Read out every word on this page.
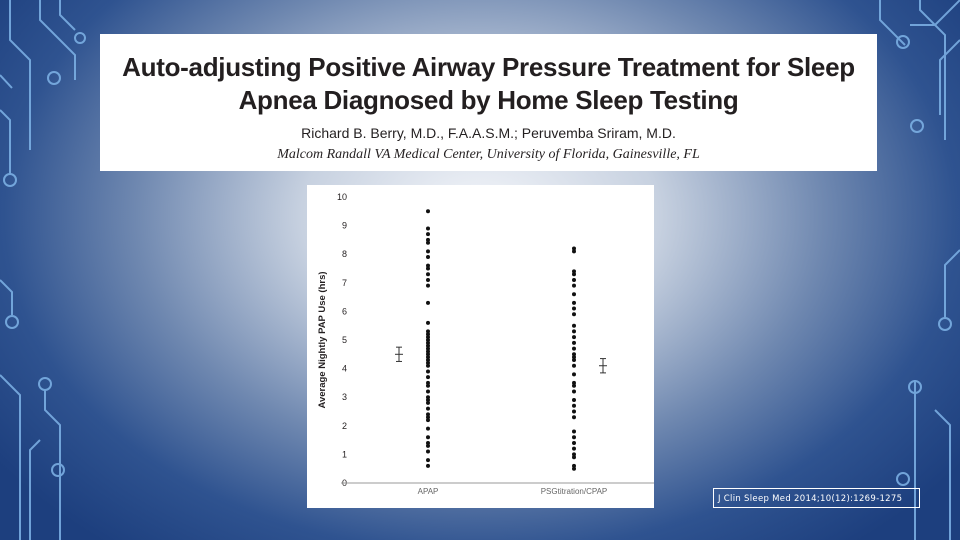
Auto-adjusting Positive Airway Pressure Treatment for Sleep
Apnea Diagnosed by Home Sleep Testing
Richard B. Berry, M.D., F.A.A.S.M.; Peruvemba Sriram, M.D.
Malcom Randall VA Medical Center, University of Florida, Gainesville, FL
0
1
2
3
4
5
6
7
8
9
10
Average Nightly PAP Use (hrs)
APAP	PSGtitration/CPAP
J Clin Sleep Med 2014;10(12):1269-1275
